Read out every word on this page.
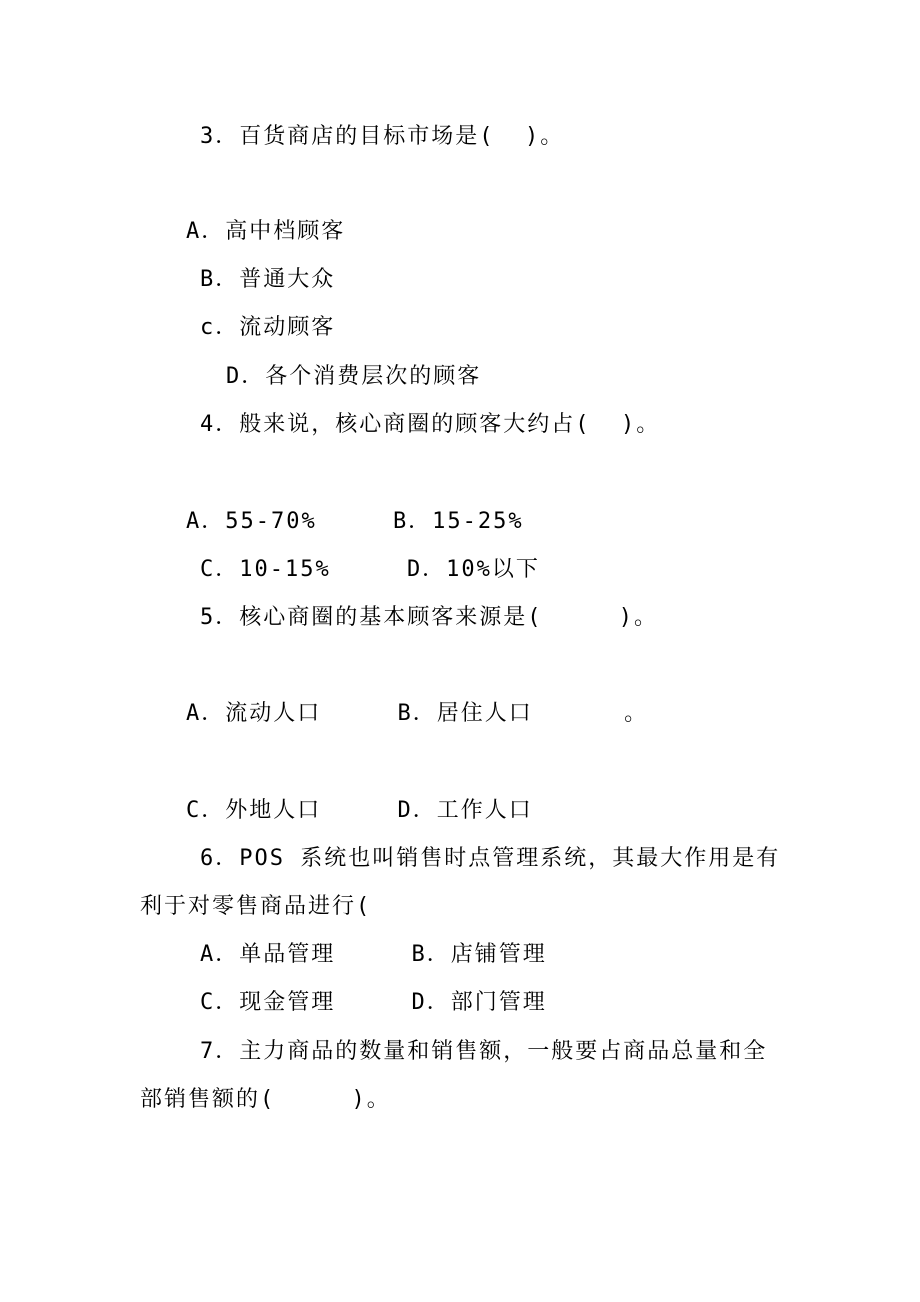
3．百货商店的目标市场是(  )。
A．高中档顾客
B．普通大众
c．流动顾客
D．各个消费层次的顾客
4．般来说，核心商圈的顾客大约占(  )。
A．55-70%     B．15-25%
C．10-15%     D．10%以下
5．核心商圈的基本顾客来源是(     )。
A．流动人口     B．居住人口      。
C．外地人口     D．工作人口
6．POS 系统也叫销售时点管理系统，其最大作用是有
利于对零售商品进行(
A．单品管理     B．店铺管理
C．现金管理     D．部门管理
7．主力商品的数量和销售额，一般要占商品总量和全
部销售额的(     )。
